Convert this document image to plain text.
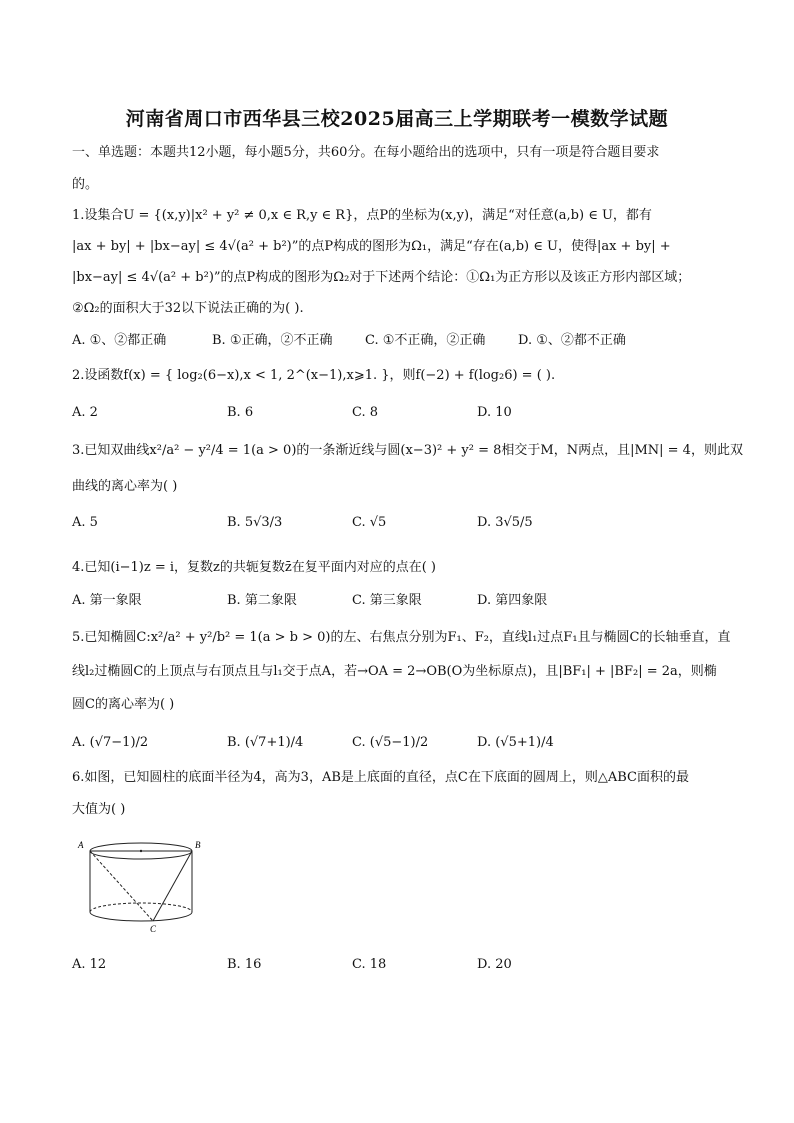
河南省周口市西华县三校2025届高三上学期联考一模数学试题
一、单选题：本题共12小题，每小题5分，共60分。在每小题给出的选项中，只有一项是符合题目要求
的。
1.设集合U = {(x,y)|x² + y² ≠ 0,x ∈ R,y ∈ R}，点P的坐标为(x,y)，满足“对任意(a,b) ∈ U，都有
|ax + by| + |bx−ay| ≤ 4√(a² + b²)”的点P构成的图形为Ω₁，满足“存在(a,b) ∈ U，使得|ax + by| +
|bx−ay| ≤ 4√(a² + b²)”的点P构成的图形为Ω₂对于下述两个结论：①Ω₁为正方形以及该正方形内部区域；
②Ω₂的面积大于32以下说法正确的为( ).
A. ①、②都正确	B. ①正确，②不正确	C. ①不正确，②正确	D. ①、②都不正确
2.设函数f(x) = { log₂(6−x),x < 1, 2^(x−1),x⩾1. }，则f(−2) + f(log₂6) = ( ).
A. 2	B. 6	C. 8	D. 10
3.已知双曲线x²/a² − y²/4 = 1(a > 0)的一条渐近线与圆(x−3)² + y² = 8相交于M，N两点，且|MN| = 4，则此双
曲线的离心率为( )
A. 5	B. 5√3/3	C. √5	D. 3√5/5
4.已知(i−1)z = i，复数z的共轭复数z̄在复平面内对应的点在( )
A. 第一象限	B. 第二象限	C. 第三象限	D. 第四象限
5.已知椭圆C:x²/a² + y²/b² = 1(a > b > 0)的左、右焦点分别为F₁、F₂，直线l₁过点F₁且与椭圆C的长轴垂直，直
线l₂过椭圆C的上顶点与右顶点且与l₁交于点A，若→OA = 2→OB(O为坐标原点)，且|BF₁| + |BF₂| = 2a，则椭
圆C的离心率为( )
A. (√7−1)/2	B. (√7+1)/4	C. (√5−1)/2	D. (√5+1)/4
6.如图，已知圆柱的底面半径为4，高为3，AB是上底面的直径，点C在下底面的圆周上，则△ABC面积的最
大值为( )
A	B
C
A. 12	B. 16	C. 18	D. 20
